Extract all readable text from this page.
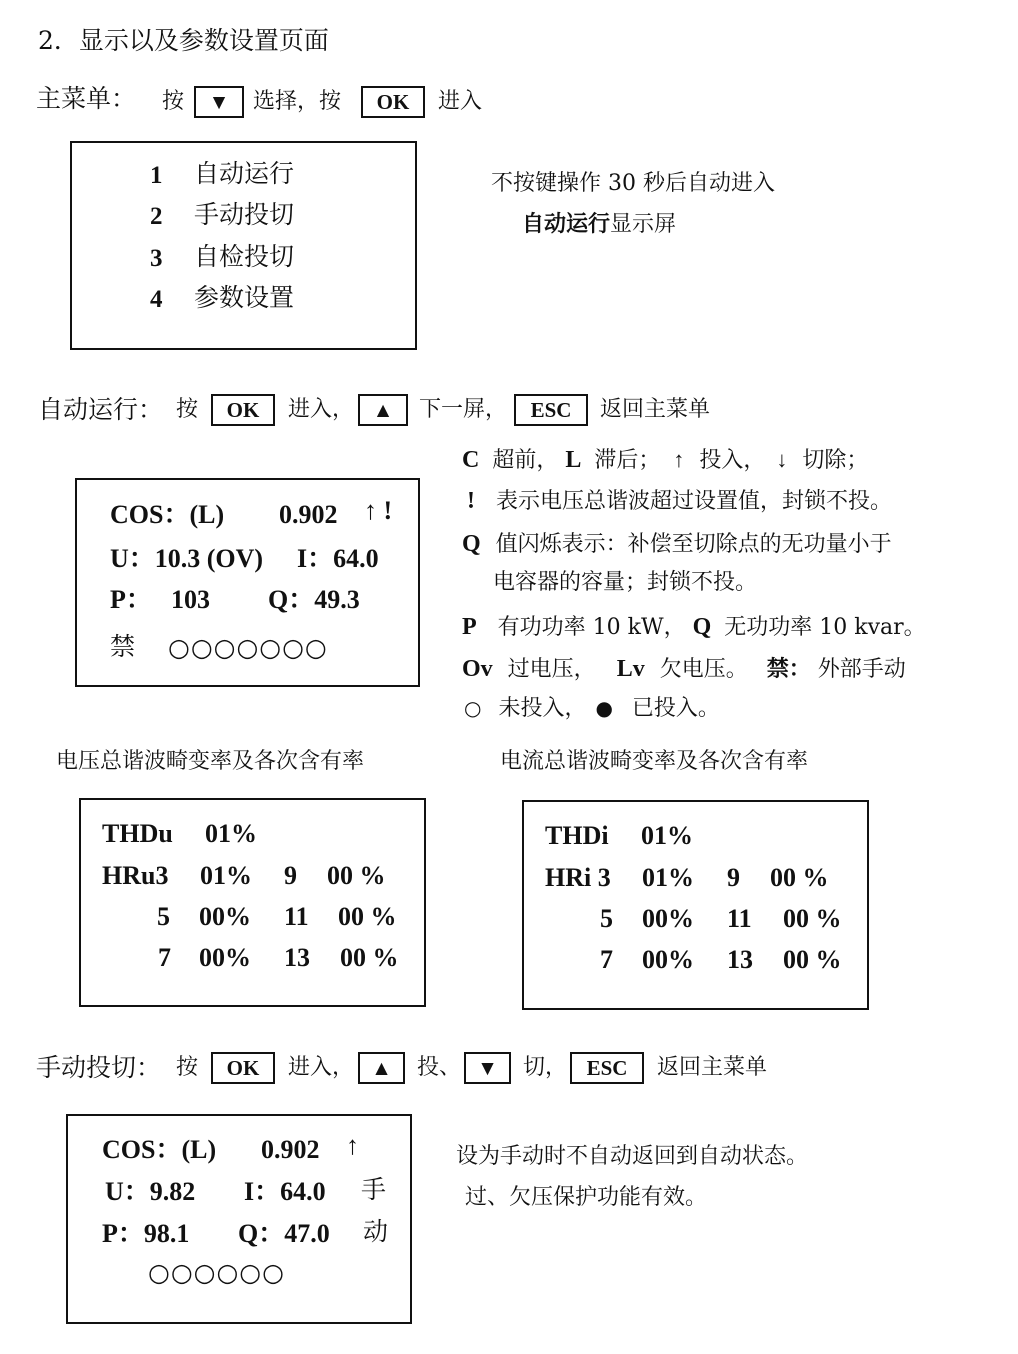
2．显示以及参数设置页面
主菜单： 按	▼	选择，按	OK	进入
1 自动运行
2 手动投切
3 自检投切
4 参数设置
不按键操作 30 秒后自动进入
自动运行显示屏
自动运行： 按	OK	进入， ▲	下一屏，	ESC	返回主菜单
COS：(L) 0.902 ↑ !
U：10.3 (OV) I：64.0
P： 103 Q：49.3
禁 ○○○○○○○
C 超前， L 滞后； ↑ 投入， ↓ 切除；
! 表示电压总谐波超过设置值，封锁不投。
Q 值闪烁表示：补偿至切除点的无功量小于
电容器的容量；封锁不投。
P 有功功率 10 kW， Q 无功功率 10 kvar。
Ov 过电压， Lv 欠电压。 禁： 外部手动
○ 未投入， ● 已投入。
电压总谐波畸变率及各次含有率	电流总谐波畸变率及各次含有率
THDu 01%
HRu3 01% 9 00 %
5 00% 11 00 %
7 00% 13 00 %
THDi 01%
HRi 3 01% 9 00 %
5 00% 11 00 %
7 00% 13 00 %
手动投切： 按	OK	进入， ▲	投、 ▼	切， ESC	返回主菜单
COS：(L) 0.902 ↑
U：9.82 I：64.0 手
P：98.1 Q：47.0 动
○○○○○○
设为手动时不自动返回到自动状态。
过、欠压保护功能有效。
